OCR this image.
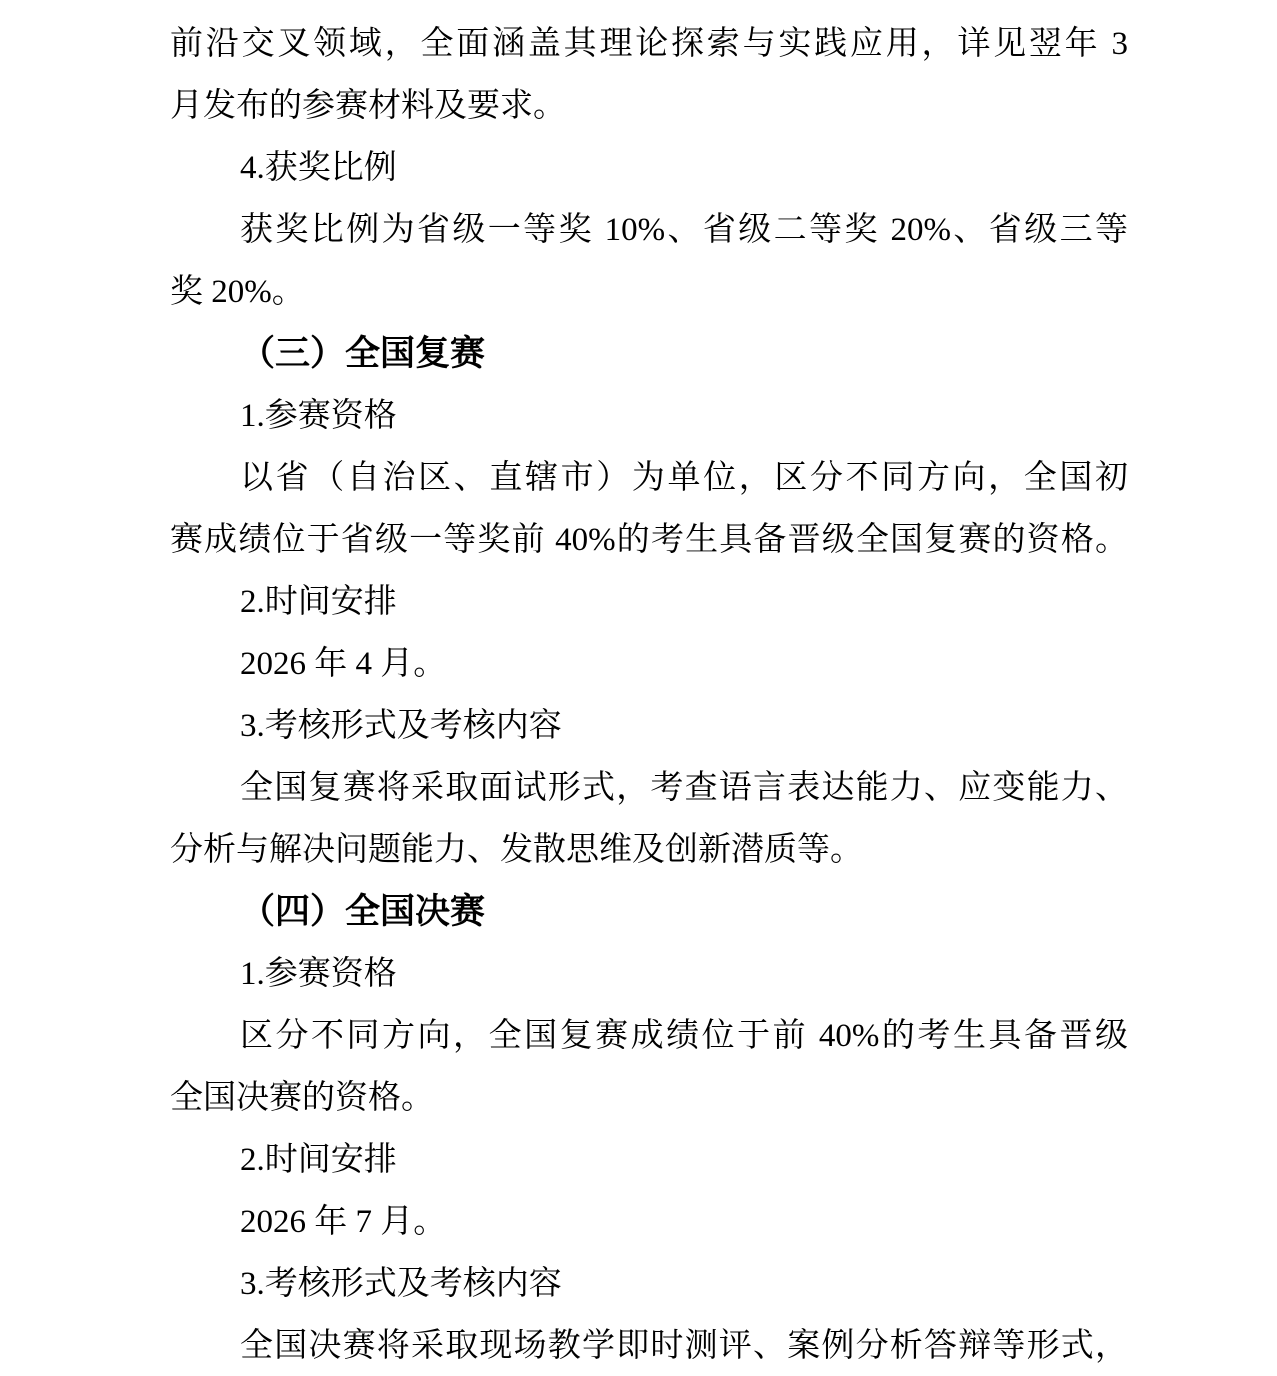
前沿交叉领域，全面涵盖其理论探索与实践应用，详见翌年 3
月发布的参赛材料及要求。
4.获奖比例
获奖比例为省级一等奖 10%、省级二等奖 20%、省级三等
奖 20%。
（三）全国复赛
1.参赛资格
以省（自治区、直辖市）为单位，区分不同方向，全国初
赛成绩位于省级一等奖前 40%的考生具备晋级全国复赛的资格。
2.时间安排
2026 年 4 月。
3.考核形式及考核内容
全国复赛将采取面试形式，考查语言表达能力、应变能力、
分析与解决问题能力、发散思维及创新潜质等。
（四）全国决赛
1.参赛资格
区分不同方向，全国复赛成绩位于前 40%的考生具备晋级
全国决赛的资格。
2.时间安排
2026 年 7 月。
3.考核形式及考核内容
全国决赛将采取现场教学即时测评、案例分析答辩等形式，
